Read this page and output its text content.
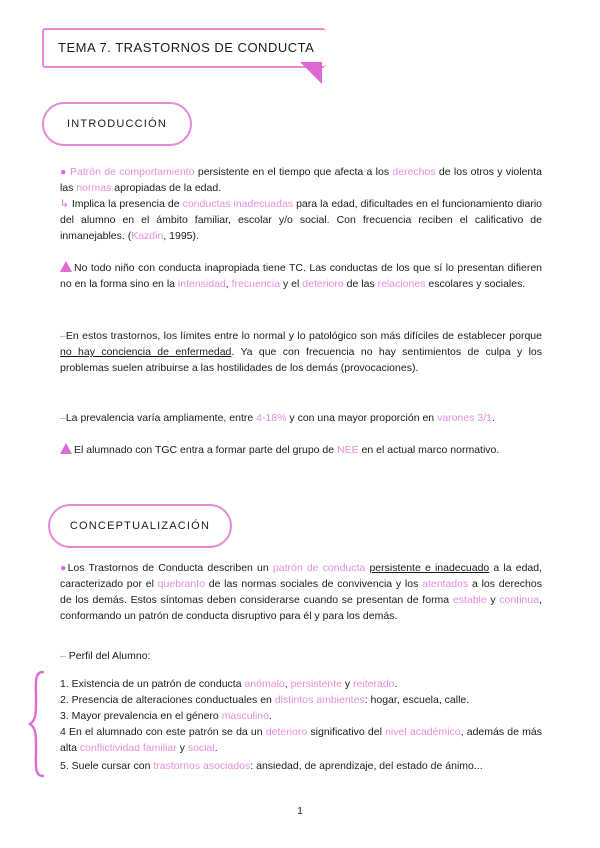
TEMA 7. TRASTORNOS DE CONDUCTA
INTRODUCCIÓN
● Patrón de comportamiento persistente en el tiempo que afecta a los derechos de los otros y violenta las normas apropiadas de la edad.
↳ Implica la presencia de conductas inadecuadas para la edad, dificultades en el funcionamiento diario del alumno en el ámbito familiar, escolar y/o social. Con frecuencia reciben el calificativo de inmanejables. (Kazdin, 1995).
No todo niño con conducta inapropiada tiene TC. Las conductas de los que sí lo presentan difieren no en la forma sino en la intensidad, frecuencia y el deterioro de las relaciones escolares y sociales.
–En estos trastornos, los límites entre lo normal y lo patológico son más difíciles de establecer porque no hay conciencia de enfermedad. Ya que con frecuencia no hay sentimientos de culpa y los problemas suelen atribuirse a las hostilidades de los demás (provocaciones).
–La prevalencia varía ampliamente, entre 4-18% y con una mayor proporción en varones 3/1.
El alumnado con TGC entra a formar parte del grupo de NEE en el actual marco normativo.
CONCEPTUALIZACIÓN
●Los Trastornos de Conducta describen un patrón de conducta persistente e inadecuado a la edad, caracterizado por el quebranto de las normas sociales de convivencia y los atentados a los derechos de los demás. Estos síntomas deben considerarse cuando se presentan de forma estable y continua, conformando un patrón de conducta disruptivo para él y para los demás.
– Perfil del Alumno:
1. Existencia de un patrón de conducta anómalo, persistente y reiterado.
2. Presencia de alteraciones conductuales en distintos ambientes: hogar, escuela, calle.
3. Mayor prevalencia en el género masculino.
4 En el alumnado con este patrón se da un deterioro significativo del nivel académico, además de más alta conflictividad familiar y social.
5. Suele cursar con trastornos asociados: ansiedad, de aprendizaje, del estado de ánimo...
1
